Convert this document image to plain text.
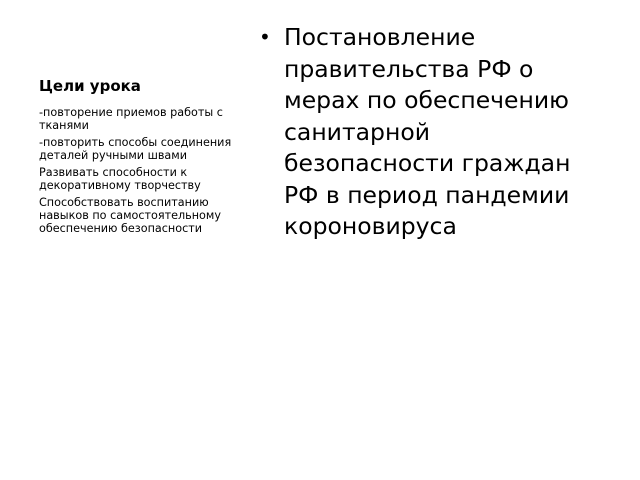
Цели урока
-повторение приемов работы с тканями
-повторить способы соединения деталей ручными швами
Развивать способности к декоративному творчеству
Способствовать воспитанию навыков по самостоятельному обеспечению безопасности
• Постановление правительства РФ о мерах по обеспечению санитарной безопасности граждан РФ в период пандемии короновируса
